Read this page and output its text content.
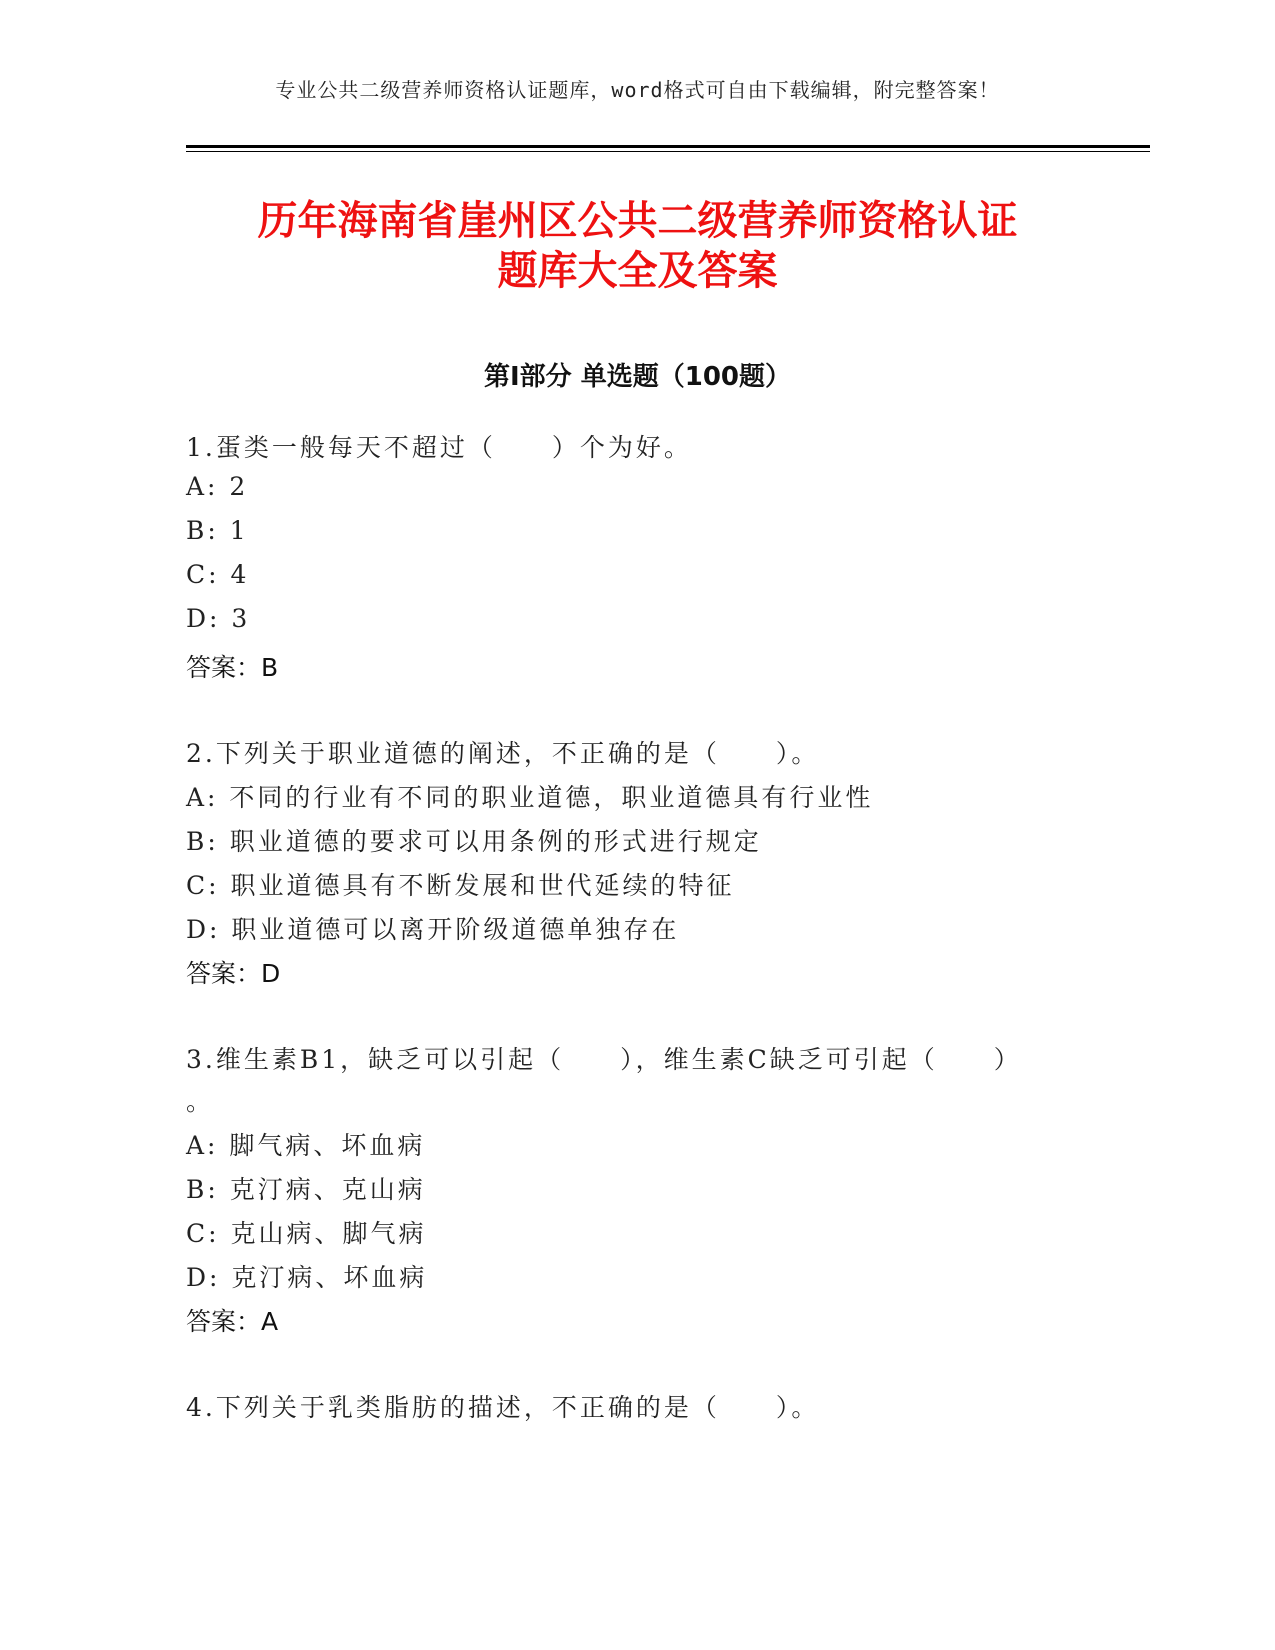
专业公共二级营养师资格认证题库，word格式可自由下载编辑，附完整答案！
历年海南省崖州区公共二级营养师资格认证
题库大全及答案
第Ⅰ部分 单选题（100题）

1.蛋类一般每天不超过（　　）个为好。

A: 2

B: 1

C: 4

D: 3

答案：B

2.下列关于职业道德的阐述，不正确的是（　　）。

A: 不同的行业有不同的职业道德，职业道德具有行业性

B: 职业道德的要求可以用条例的形式进行规定

C: 职业道德具有不断发展和世代延续的特征

D: 职业道德可以离开阶级道德单独存在

答案：D

3.维生素B1，缺乏可以引起（　　），维生素C缺乏可引起（　　）

。

A: 脚气病、坏血病

B: 克汀病、克山病

C: 克山病、脚气病

D: 克汀病、坏血病

答案：A

4.下列关于乳类脂肪的描述，不正确的是（　　）。
